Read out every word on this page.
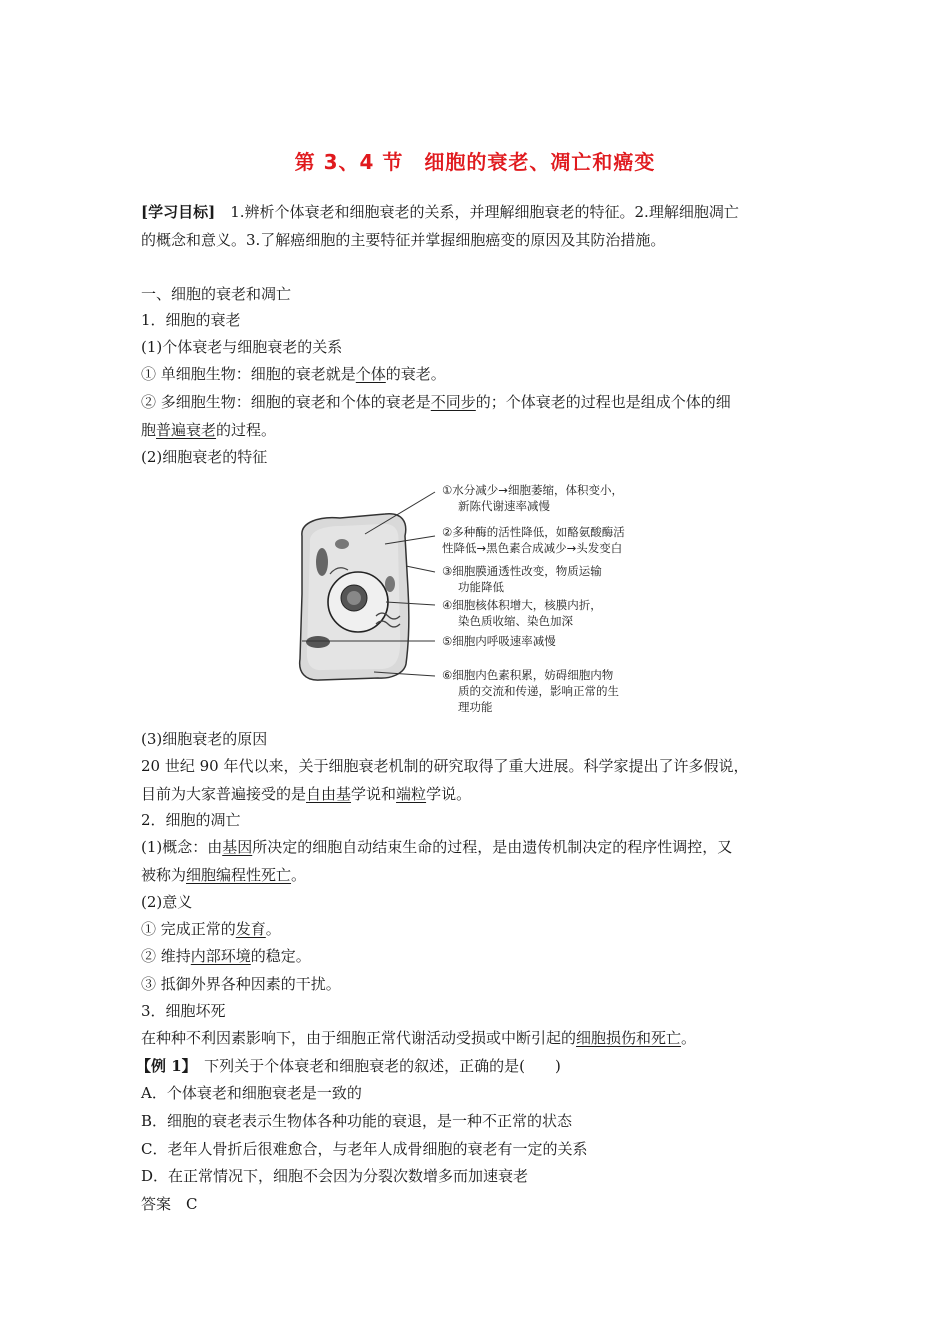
第 3、4 节　细胞的衰老、凋亡和癌变
[学习目标]　1.辨析个体衰老和细胞衰老的关系，并理解细胞衰老的特征。2.理解细胞凋亡
的概念和意义。3.了解癌细胞的主要特征并掌握细胞癌变的原因及其防治措施。
一、细胞的衰老和凋亡
1．细胞的衰老
(1)个体衰老与细胞衰老的关系
① 单细胞生物：细胞的衰老就是个体的衰老。
② 多细胞生物：细胞的衰老和个体的衰老是不同步的；个体衰老的过程也是组成个体的细
胞普遍衰老的过程。
(2)细胞衰老的特征
①水分减少→细胞萎缩，体积变小，
新陈代谢速率减慢
②多种酶的活性降低，如酪氨酸酶活
性降低→黑色素合成减少→头发变白
③细胞膜通透性改变，物质运输
功能降低
④细胞核体积增大，核膜内折，
染色质收缩、染色加深
⑤细胞内呼吸速率减慢
⑥细胞内色素积累，妨碍细胞内物
质的交流和传递，影响正常的生
理功能
(3)细胞衰老的原因
20 世纪 90 年代以来，关于细胞衰老机制的研究取得了重大进展。科学家提出了许多假说，
目前为大家普遍接受的是自由基学说和端粒学说。
2．细胞的凋亡
(1)概念：由基因所决定的细胞自动结束生命的过程，是由遗传机制决定的程序性调控，又
被称为细胞编程性死亡。
(2)意义
① 完成正常的发育。
② 维持内部环境的稳定。
③ 抵御外界各种因素的干扰。
3．细胞坏死
在种种不利因素影响下，由于细胞正常代谢活动受损或中断引起的细胞损伤和死亡。
【例 1】　下列关于个体衰老和细胞衰老的叙述，正确的是(　　)
A．个体衰老和细胞衰老是一致的
B．细胞的衰老表示生物体各种功能的衰退，是一种不正常的状态
C．老年人骨折后很难愈合，与老年人成骨细胞的衰老有一定的关系
D．在正常情况下，细胞不会因为分裂次数增多而加速衰老
答案　C
